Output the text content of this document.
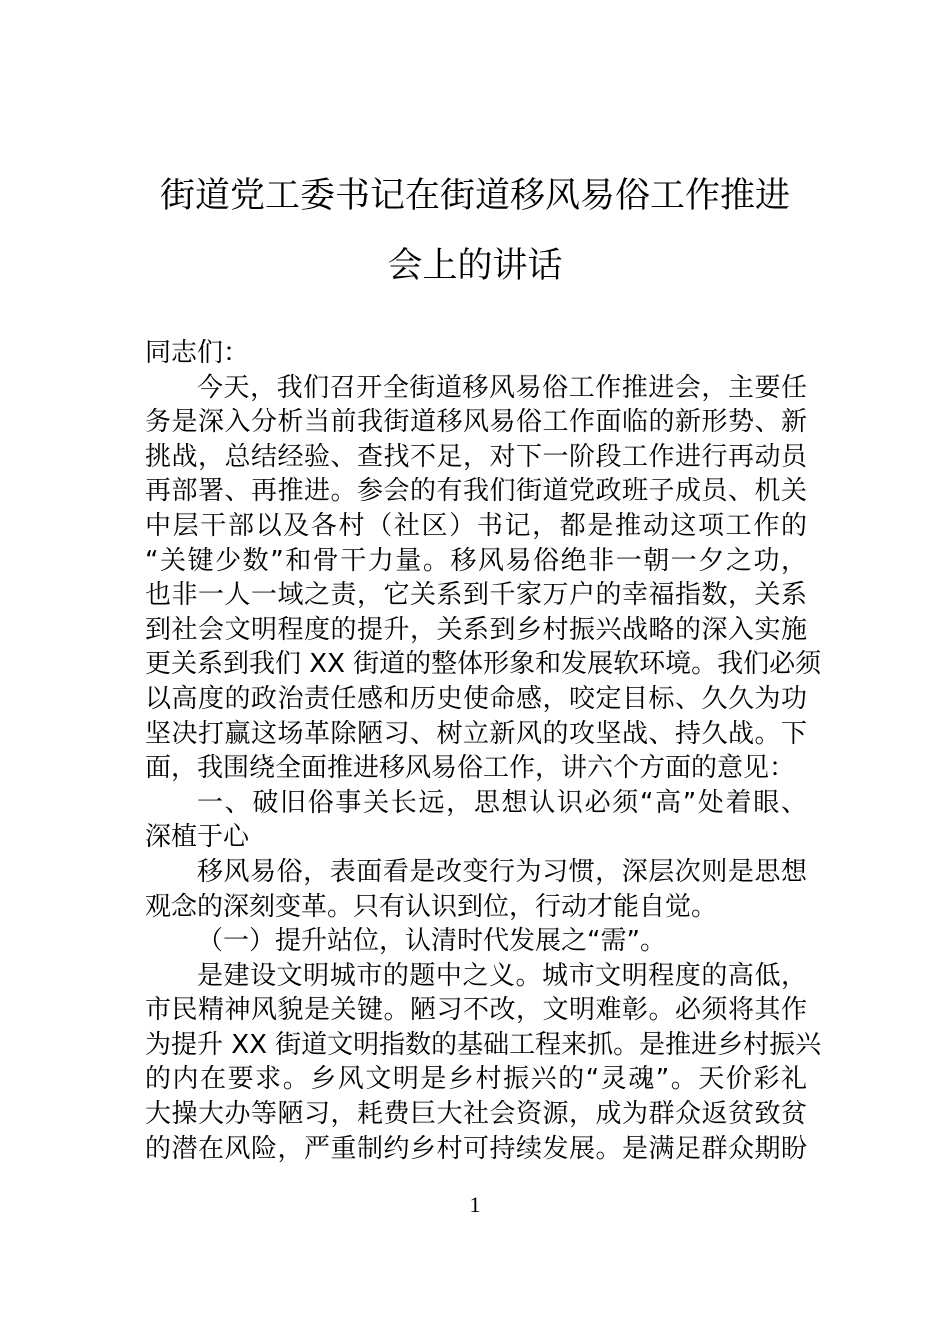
街道党工委书记在街道移风易俗工作推进
会上的讲话
同志们：
今天，我们召开全街道移风易俗工作推进会，主要任
务是深入分析当前我街道移风易俗工作面临的新形势、新
挑战，总结经验、查找不足，对下一阶段工作进行再动员
再部署、再推进。参会的有我们街道党政班子成员、机关
中层干部以及各村（社区）书记，都是推动这项工作的
“关键少数”和骨干力量。移风易俗绝非一朝一夕之功，
也非一人一域之责，它关系到千家万户的幸福指数，关系
到社会文明程度的提升，关系到乡村振兴战略的深入实施
更关系到我们 XX 街道的整体形象和发展软环境。我们必须
以高度的政治责任感和历史使命感，咬定目标、久久为功
坚决打赢这场革除陋习、树立新风的攻坚战、持久战。下
面，我围绕全面推进移风易俗工作，讲六个方面的意见：
一、破旧俗事关长远，思想认识必须“高”处着眼、
深植于心
移风易俗，表面看是改变行为习惯，深层次则是思想
观念的深刻变革。只有认识到位，行动才能自觉。
（一）提升站位，认清时代发展之“需”。
是建设文明城市的题中之义。城市文明程度的高低，
市民精神风貌是关键。陋习不改，文明难彰。必须将其作
为提升 XX 街道文明指数的基础工程来抓。是推进乡村振兴
的内在要求。乡风文明是乡村振兴的“灵魂”。天价彩礼
大操大办等陋习，耗费巨大社会资源，成为群众返贫致贫
的潜在风险，严重制约乡村可持续发展。是满足群众期盼
1
